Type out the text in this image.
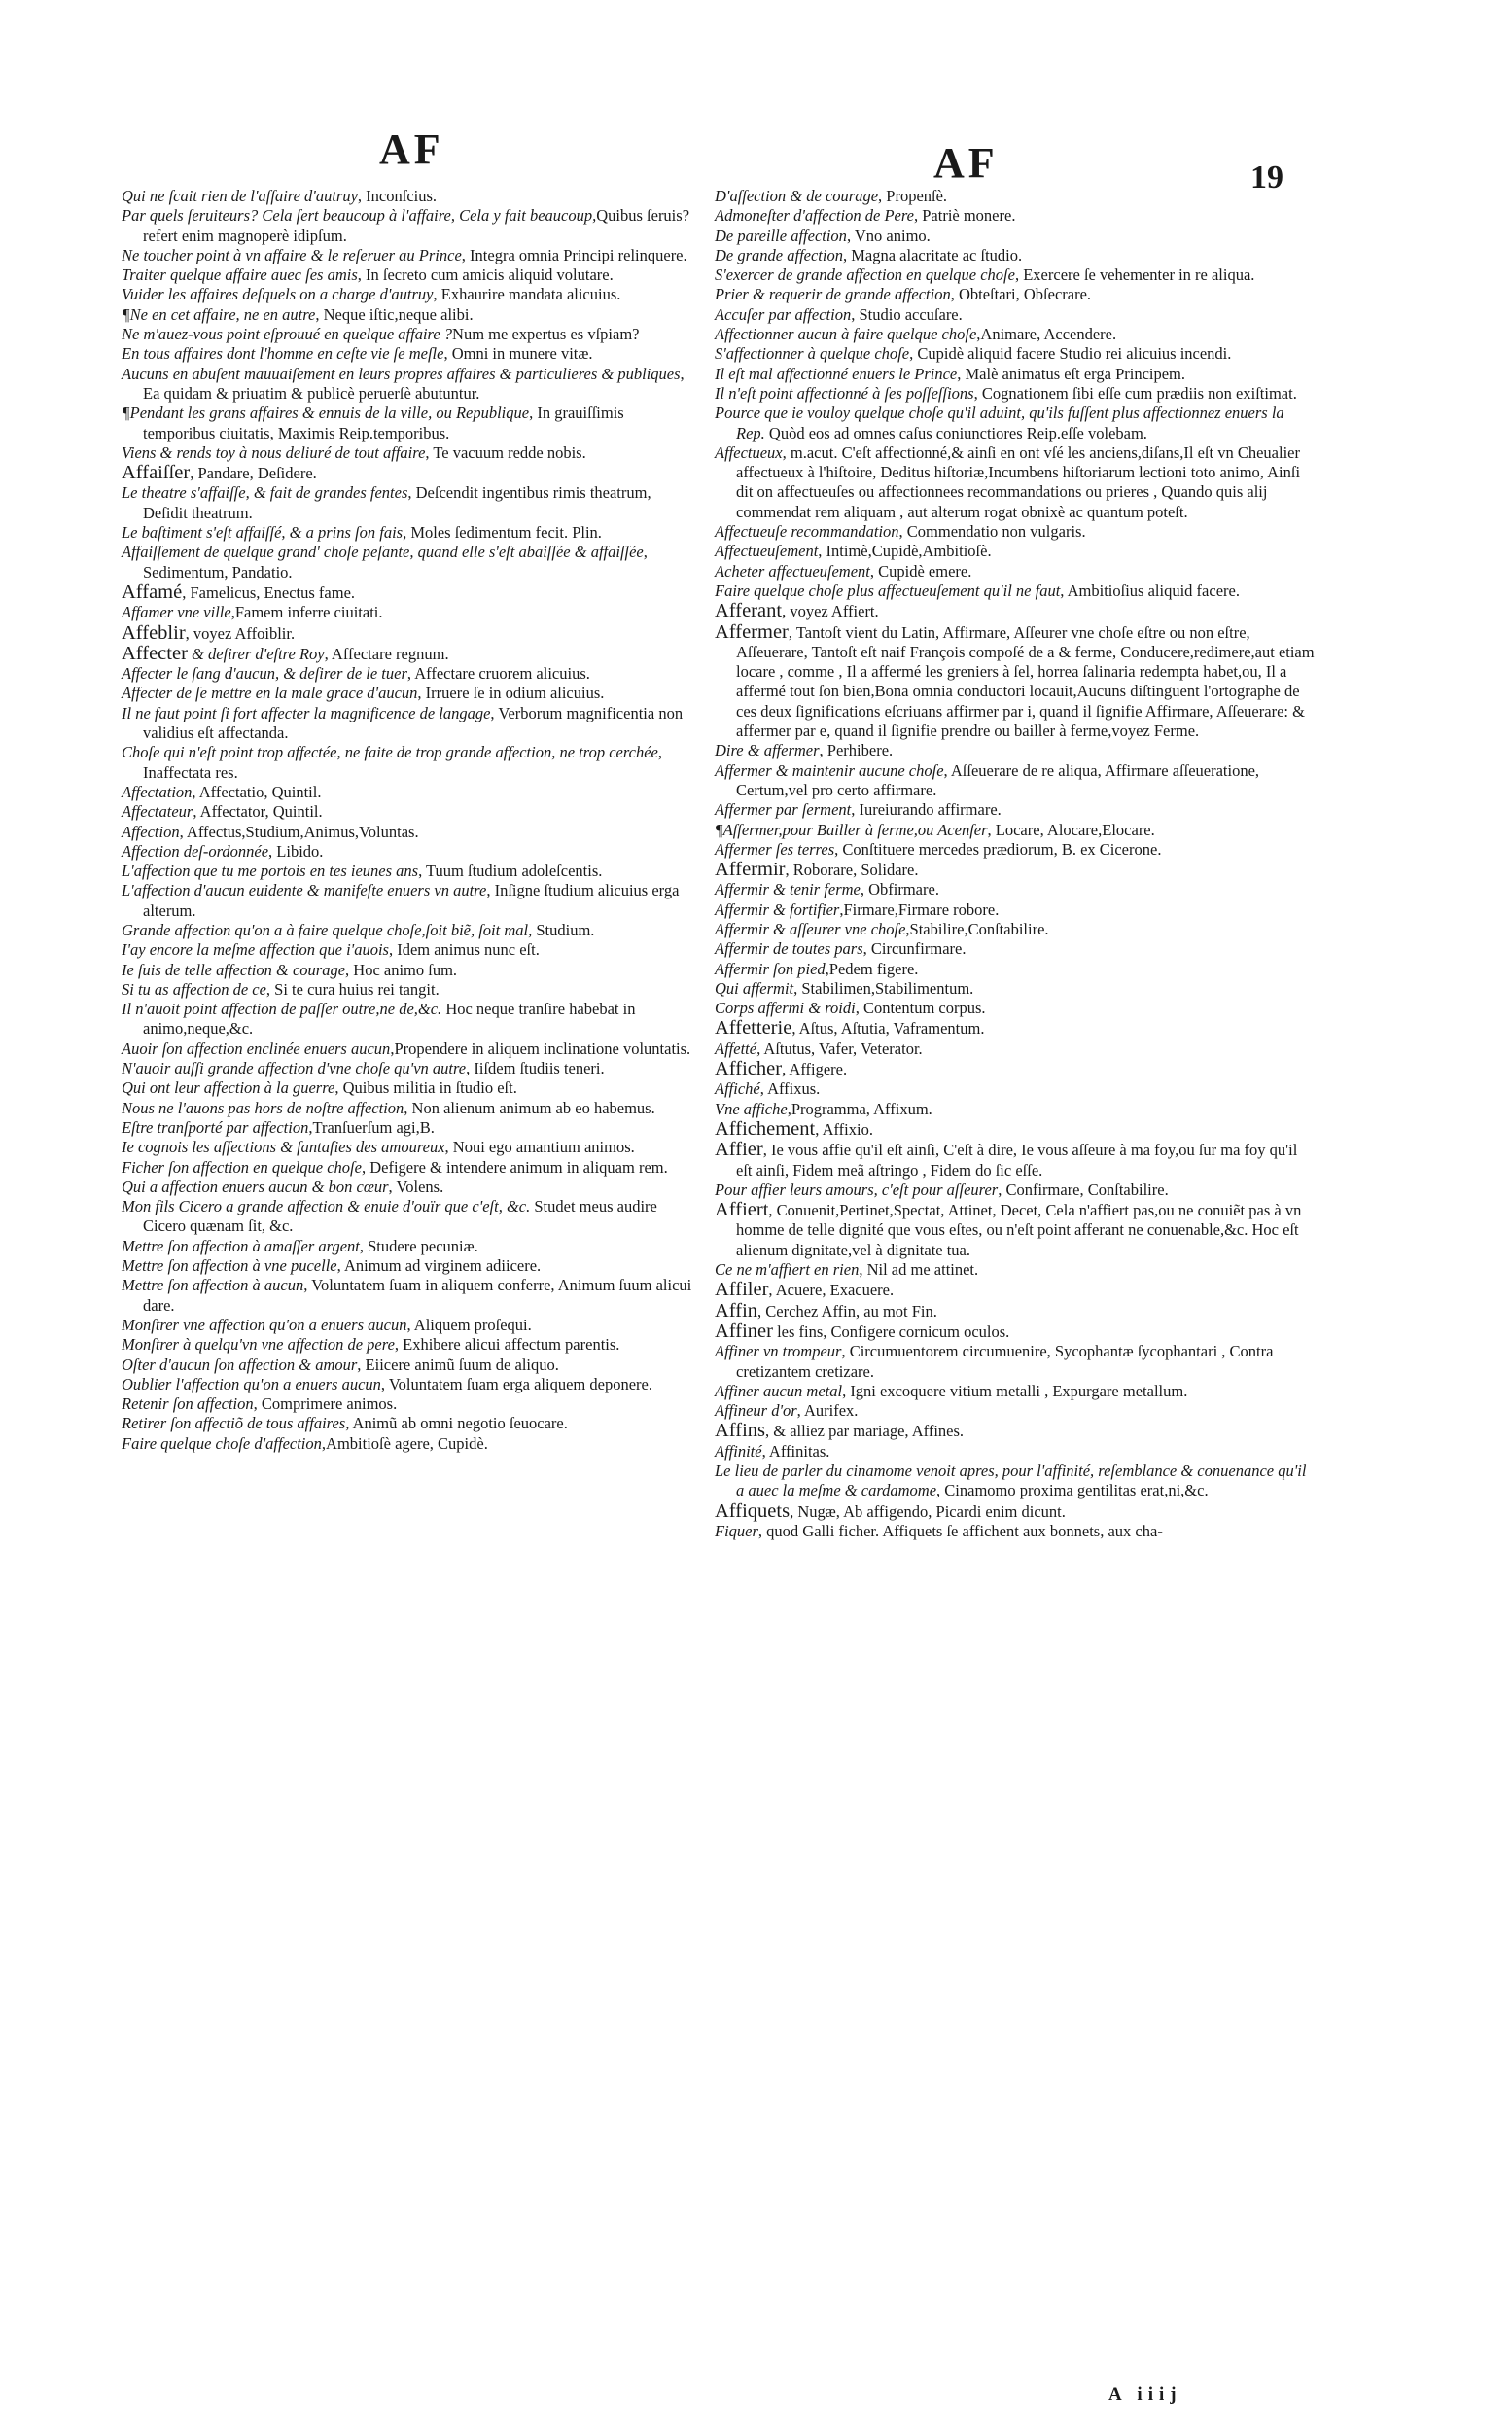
AF	AF	19

Qui ne ſcait rien de l'affaire d'autruy, Inconſcius.

Par quels ſeruiteurs? Cela ſert beaucoup à l'affaire, Cela y fait beaucoup,Quibus ſeruis?refert enim magnoperè idipſum.

Ne toucher point à vn affaire & le reſeruer au Prince, Integra omnia Principi relinquere.

Traiter quelque affaire auec ſes amis, In ſecreto cum amicis aliquid volutare.

Vuider les affaires deſquels on a charge d'autruy, Exhaurire mandata alicuius.

¶Ne en cet affaire, ne en autre, Neque iſtic,neque alibi.

Ne m'auez-vous point eſprouué en quelque affaire ?Num me expertus es vſpiam?

En tous affaires dont l'homme en ceſte vie ſe meſle, Omni in munere vitæ.

Aucuns en abuſent mauuaiſement en leurs propres affaires & particulieres & publiques, Ea quidam & priuatim & publicè peruerſè abutuntur.

¶Pendant les grans affaires & ennuis de la ville, ou Republique, In grauiſſimis temporibus ciuitatis, Maximis Reip.temporibus.

Viens & rends toy à nous deliuré de tout affaire, Te vacuum redde nobis.

Affaiſſer, Pandare, Deſidere.

Le theatre s'affaiſſe, & fait de grandes fentes, Deſcendit ingentibus rimis theatrum, Deſidit theatrum.

Le baſtiment s'eſt affaiſſé, & a prins ſon fais, Moles ſedimentum fecit. Plin.

Affaiſſement de quelque grand' choſe peſante, quand elle s'eſt abaiſſée & affaiſſée, Sedimentum, Pandatio.

Affamé, Famelicus, Enectus fame.

Affamer vne ville,Famem inferre ciuitati.

Affeblir, voyez Affoiblir.

Affecter & deſirer d'eſtre Roy, Affectare regnum.

Affecter le ſang d'aucun, & deſirer de le tuer, Affectare cruorem alicuius.

Affecter de ſe mettre en la male grace d'aucun, Irruere ſe in odium alicuius.

Il ne faut point ſi fort affecter la magnificence de langage, Verborum magnificentia non validius eſt affectanda.

Choſe qui n'eſt point trop affectée, ne faite de trop grande affection, ne trop cerchée, Inaffectata res.

Affectation, Affectatio, Quintil.

Affectateur, Affectator, Quintil.

Affection, Affectus,Studium,Animus,Voluntas.

Affection deſ-ordonnée, Libido.

L'affection que tu me portois en tes ieunes ans, Tuum ſtudium adoleſcentis.

L'affection d'aucun euidente & manifeſte enuers vn autre, Inſigne ſtudium alicuius erga alterum.

Grande affection qu'on a à faire quelque choſe,ſoit biẽ, ſoit mal, Studium.

I'ay encore la meſme affection que i'auois, Idem animus nunc eſt.

Ie ſuis de telle affection & courage, Hoc animo ſum.

Si tu as affection de ce, Si te cura huius rei tangit.

Il n'auoit point affection de paſſer outre,ne de,&c. Hoc neque tranſire habebat in animo,neque,&c.

Auoir ſon affection enclinée enuers aucun,Propendere in aliquem inclinatione voluntatis.

N'auoir auſſi grande affection d'vne choſe qu'vn autre, Iiſdem ſtudiis teneri.

Qui ont leur affection à la guerre, Quibus militia in ſtudio eſt.

Nous ne l'auons pas hors de noſtre affection, Non alienum animum ab eo habemus.

Eſtre tranſporté par affection,Tranſuerſum agi,B.

Ie cognois les affections & fantaſies des amoureux, Noui ego amantium animos.

Ficher ſon affection en quelque choſe, Defigere & intendere animum in aliquam rem.

Qui a affection enuers aucun & bon cœur, Volens.

Mon fils Cicero a grande affection & enuie d'ouïr que c'eſt, &c. Studet meus audire Cicero quænam ſit, &c.

Mettre ſon affection à amaſſer argent, Studere pecuniæ.

Mettre ſon affection à vne pucelle, Animum ad virginem adiicere.

Mettre ſon affection à aucun, Voluntatem ſuam in aliquem conferre, Animum ſuum alicui dare.

Monſtrer vne affection qu'on a enuers aucun, Aliquem proſequi.

Monſtrer à quelqu'vn vne affection de pere, Exhibere alicui affectum parentis.

Oſter d'aucun ſon affection & amour, Eiicere animũ ſuum de aliquo.

Oublier l'affection qu'on a enuers aucun, Voluntatem ſuam erga aliquem deponere.

Retenir ſon affection, Comprimere animos.

Retirer ſon affectiõ de tous affaires, Animũ ab omni negotio ſeuocare.

Faire quelque choſe d'affection,Ambitioſè agere, Cupidè.

D'affection & de courage, Propenſè.

Admoneſter d'affection de Pere, Patriè monere.

De pareille affection, Vno animo.

De grande affection, Magna alacritate ac ſtudio.

S'exercer de grande affection en quelque choſe, Exercere ſe vehementer in re aliqua.

Prier & requerir de grande affection, Obteſtari, Obſecrare.

Accuſer par affection, Studio accuſare.

Affectionner aucun à faire quelque choſe,Animare, Accendere.

S'affectionner à quelque choſe, Cupidè aliquid facere Studio rei alicuius incendi.

Il eſt mal affectionné enuers le Prince, Malè animatus eſt erga Principem.

Il n'eſt point affectionné à ſes poſſeſſions, Cognationem ſibi eſſe cum prædiis non exiſtimat.

Pource que ie vouloy quelque choſe qu'il aduint, qu'ils fuſſent plus affectionnez enuers la Rep. Quòd eos ad omnes caſus coniunctiores Reip.eſſe volebam.

Affectueux, m.acut. C'eſt affectionné,& ainſi en ont vſé les anciens,diſans,Il eſt vn Cheualier affectueux à l'hiſtoire, Deditus hiſtoriæ,Incumbens hiſtoriarum lectioni toto animo, Ainſi dit on affectueuſes ou affectionnees recommandations ou prieres , Quando quis alij commendat rem aliquam , aut alterum rogat obnixè ac quantum poteſt.

Affectueuſe recommandation, Commendatio non vulgaris.

Affectueuſement, Intimè,Cupidè,Ambitioſè.

Acheter affectueuſement, Cupidè emere.

Faire quelque choſe plus affectueuſement qu'il ne faut, Ambitioſius aliquid facere.

Afferant, voyez Affiert.

Affermer, Tantoſt vient du Latin, Affirmare, Aſſeurer vne choſe eſtre ou non eſtre, Aſſeuerare, Tantoſt eſt naif François compoſé de a & ferme, Conducere,redimere,aut etiam locare , comme , Il a affermé les greniers à ſel, horrea ſalinaria redempta habet,ou, Il a affermé tout ſon bien,Bona omnia conductori locauit,Aucuns diſtinguent l'ortographe de ces deux ſignifications eſcriuans affirmer par i, quand il ſignifie Affirmare, Aſſeuerare: & affermer par e, quand il ſignifie prendre ou bailler à ferme,voyez Ferme.

Dire & affermer, Perhibere.

Affermer & maintenir aucune choſe, Aſſeuerare de re aliqua, Affirmare aſſeueratione, Certum,vel pro certo affirmare.

Affermer par ſerment, Iureiurando affirmare.

¶Affermer,pour Bailler à ferme,ou Acenſer, Locare, Alocare,Elocare.

Affermer ſes terres, Conſtituere mercedes prædiorum, B. ex Cicerone.

Affermir, Roborare, Solidare.

Affermir & tenir ferme, Obfirmare.

Affermir & fortifier,Firmare,Firmare robore.

Affermir & aſſeurer vne choſe,Stabilire,Conſtabilire.

Affermir de toutes pars, Circunfirmare.

Affermir ſon pied,Pedem figere.

Qui affermit, Stabilimen,Stabilimentum.

Corps affermi & roidi, Contentum corpus.

Affetterie, Aſtus, Aſtutia, Vaframentum.

Affetté, Aſtutus, Vafer, Veterator.

Afficher, Affigere.

Affiché, Affixus.

Vne affiche,Programma, Affixum.

Affichement, Affixio.

Affier, Ie vous affie qu'il eſt ainſi, C'eſt à dire, Ie vous aſſeure à ma foy,ou ſur ma foy qu'il eſt ainſi, Fidem meã aſtringo , Fidem do ſic eſſe.

Pour affier leurs amours, c'eſt pour aſſeurer, Confirmare, Conſtabilire.

Affiert, Conuenit,Pertinet,Spectat, Attinet, Decet, Cela n'affiert pas,ou ne conuiẽt pas à vn homme de telle dignité que vous eſtes, ou n'eſt point afferant ne conuenable,&c. Hoc eſt alienum dignitate,vel à dignitate tua.

Ce ne m'affiert en rien, Nil ad me attinet.

Affiler, Acuere, Exacuere.

Affin, Cerchez Affin, au mot Fin.

Affiner les fins, Configere cornicum oculos.

Affiner vn trompeur, Circumuentorem circumuenire, Sycophantæ ſycophantari , Contra cretizantem cretizare.

Affiner aucun metal, Igni excoquere vitium metalli , Expurgare metallum.

Affineur d'or, Aurifex.

Affins, & alliez par mariage, Affines.

Affinité, Affinitas.

Le lieu de parler du cinamome venoit apres, pour l'affinité, reſemblance & conuenance qu'il a auec la meſme & cardamome, Cinamomo proxima gentilitas erat,ni,&c.

Affiquets, Nugæ, Ab affigendo, Picardi enim dicunt.

Fiquer, quod Galli ficher. Affiquets ſe affichent aux bonnets, aux cha-

A iiij
